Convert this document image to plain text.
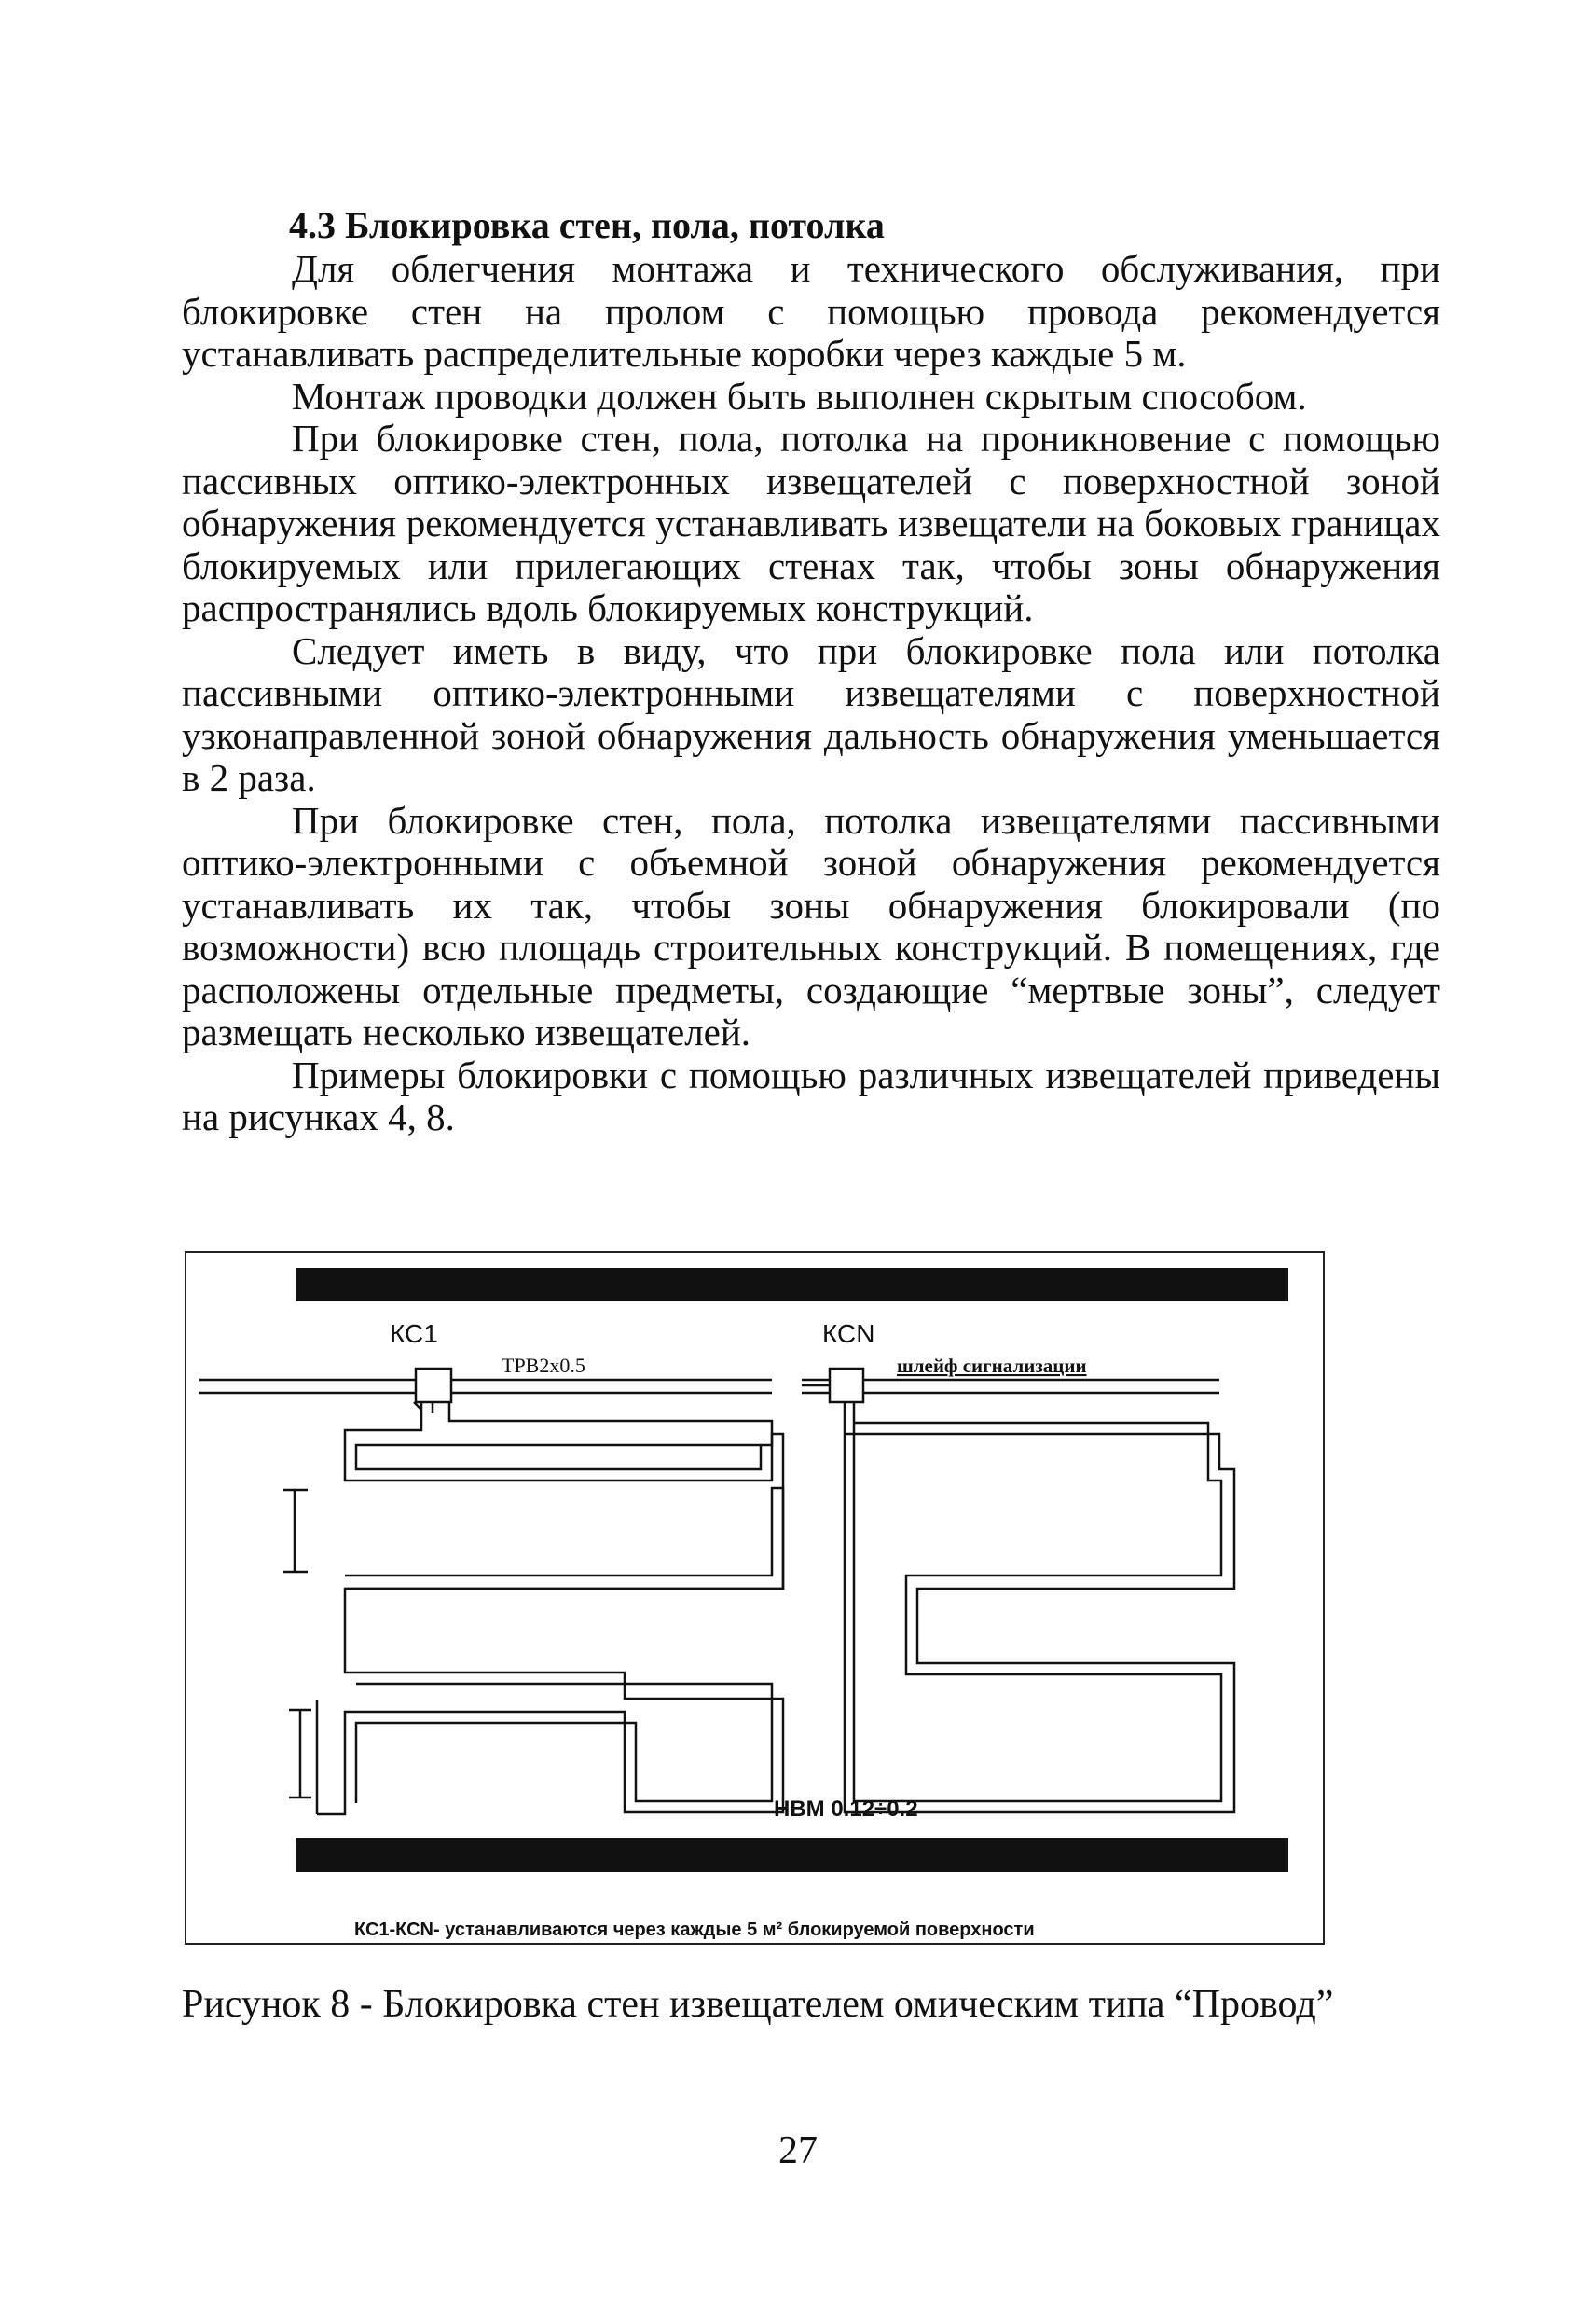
4.3 Блокировка стен, пола, потолка

Для облегчения монтажа и технического обслуживания, при блокировке стен на пролом с помощью провода рекомендуется устанавливать распределительные коробки через каждые 5 м.

Монтаж проводки должен быть выполнен скрытым способом.

При блокировке стен, пола, потолка на проникновение с помощью пассивных оптико-электронных извещателей с поверхностной зоной обнаружения рекомендуется устанавливать извещатели на боковых границах блокируемых или прилегающих стенах так, чтобы зоны обнаружения распространялись вдоль блокируемых конструкций.

Следует иметь в виду, что при блокировке пола или потолка пассивными оптико-электронными извещателями с поверхностной узконаправленной зоной обнаружения дальность обнаружения уменьшается в 2 раза.

При блокировке стен, пола, потолка извещателями пассивными оптико-электронными с объемной зоной обнаружения рекомендуется устанавливать их так, чтобы зоны обнаружения блокировали (по возможности) всю площадь строительных конструкций. В помещениях, где расположены отдельные предметы, создающие “мертвые зоны”, следует размещать несколько извещателей.

Примеры блокировки с помощью различных извещателей приведены на рисунках 4, 8.

КС1	КСN
ТРВ2х0.5	шлейф сигнализации
НВМ 0.12÷0.2
КС1-КСN- устанавливаются через каждые 5 м² блокируемой поверхности
Рисунок 8 - Блокировка стен извещателем омическим типа “Провод”
27
